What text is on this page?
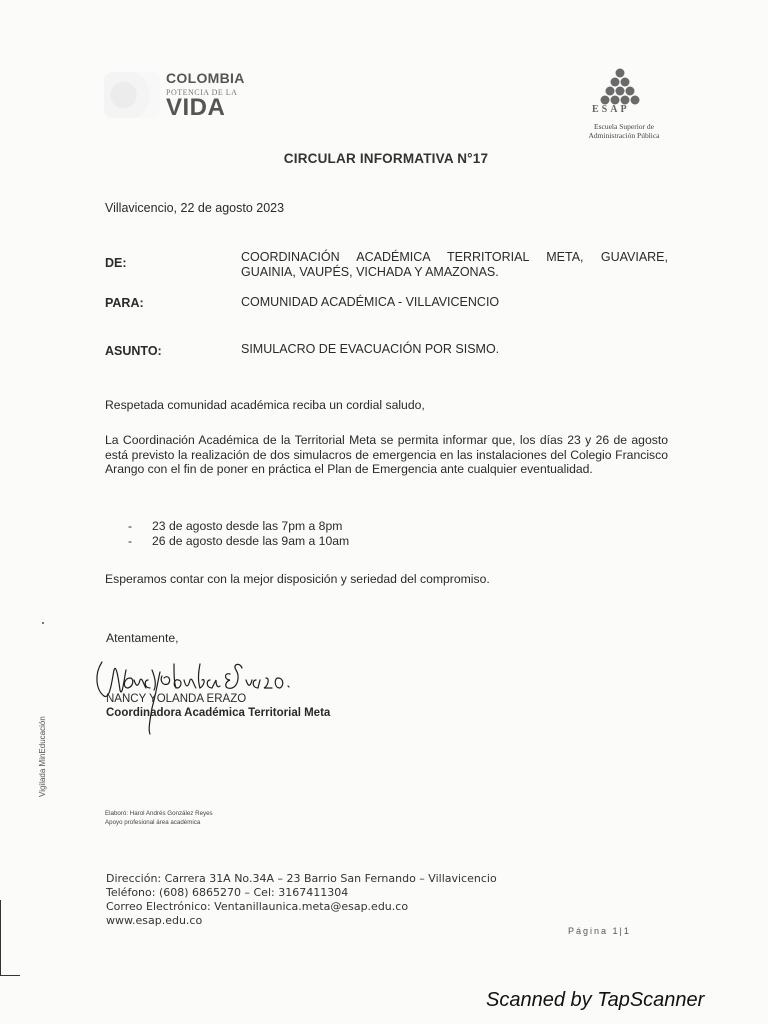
COLOMBIA
POTENCIA DE LA
VIDA	ESAP
Escuela Superior de
Administración Pública
CIRCULAR INFORMATIVA N°17
Villavicencio, 22 de agosto 2023
DE:	COORDINACIÓN ACADÉMICA TERRITORIAL META, GUAVIARE, GUAINIA, VAUPÉS, VICHADA Y AMAZONAS.
PARA:	COMUNIDAD ACADÉMICA - VILLAVICENCIO
ASUNTO:	SIMULACRO DE EVACUACIÓN POR SISMO.
Respetada comunidad académica reciba un cordial saludo,
La Coordinación Académica de la Territorial Meta se permita informar que, los días 23 y 26 de agosto está previsto la realización de dos simulacros de emergencia en las instalaciones del Colegio Francisco Arango con el fin de poner en práctica el Plan de Emergencia ante cualquier eventualidad.
-	23 de agosto desde las 7pm a 8pm
-	26 de agosto desde las 9am a 10am
Esperamos contar con la mejor disposición y seriedad del compromiso.
Atentamente,
NANCY YOLANDA ERAZO
Coordinadora Académica Territorial Meta
Vigilada MinEducación
Elaboró: Harol Andrés González Reyes
Apoyo profesional área académica
Dirección: Carrera 31A No.34A – 23 Barrio San Fernando – Villavicencio
Teléfono: (608) 6865270 – Cel: 3167411304
Correo Electrónico: Ventanillaunica.meta@esap.edu.co
www.esap.edu.co
Página 1|1
Scanned by TapScanner
